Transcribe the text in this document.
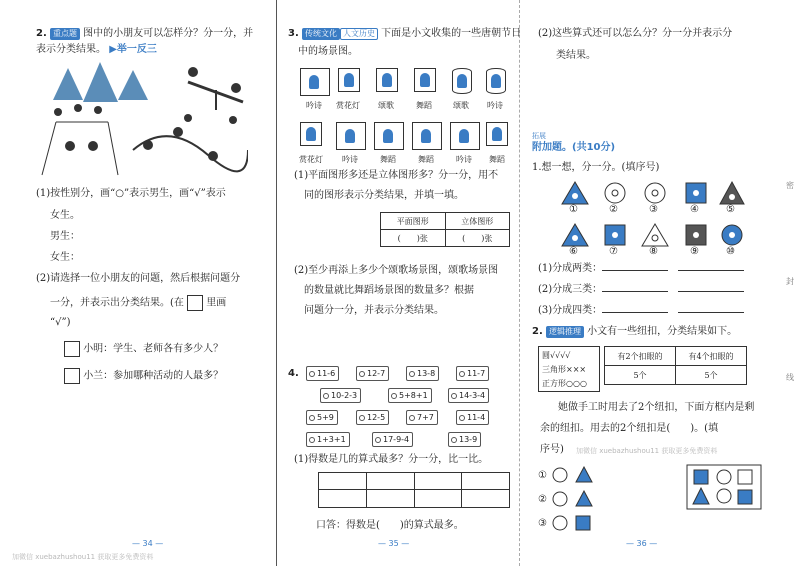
2. 重点题 图中的小朋友可以怎样分？分一分，并
表示分类结果。 ▶举一反三
(1)按性别分，画“○”表示男生，画“√”表示
女生。
男生：
女生：
(2)请选择一位小朋友的问题，然后根据问题分
一分，并表示出分类结果。(在 里画
“√”)
小明：学生、老师各有多少人？
小兰：参加哪种活动的人最多？
— 34 —
加微信 xuebazhushou11 获取更多免费资料
3. 传统文化 人文历史 下面是小文收集的一些唐朝节日
中的场景图。
吟诗	赏花灯	颂歌	舞蹈	颂歌	吟诗
赏花灯	吟诗	舞蹈	舞蹈	吟诗	舞蹈
(1)平面图形多还是立体图形多？分一分，用不
同的图形表示分类结果，并填一填。
平面图形	立体图形
(　　)张	(　　)张
(2)至少再添上多少个颂歌场景图，颂歌场景图
的数量就比舞蹈场景图的数量多？根据
问题分一分，并表示分类结果。
4.	11-6	12-7	13-8	11-7
10-2-3	5+8+1	14-3-4
5+9	12-5	7+7	11-4
1+3+1	17-9-4	13-9
(1)得数是几的算式最多？分一分，比一比。
口答：得数是(　　)的算式最多。
— 35 —
(2)这些算式还可以怎么分？分一分并表示分
类结果。
拓展
附加题。(共10分)
1.想一想，分一分。(填序号)
①	②	③	④	⑤
⑥	⑦	⑧	⑨	⑩
(1)分成两类：　
(2)分成三类：　
(3)分成四类：　
2. 逻辑推理 小文有一些纽扣，分类结果如下。
圆√√√√
三角形×××
正方形○○○
有2个扣眼的	有4个扣眼的
5个	5个
她做手工时用去了2个纽扣，下面方框内是剩
余的纽扣。用去的2个纽扣是(　　)。(填
序号) 加微信 xuebazhushou11 获取更多免费资料
①
②
③
— 36 —
密
封
线
